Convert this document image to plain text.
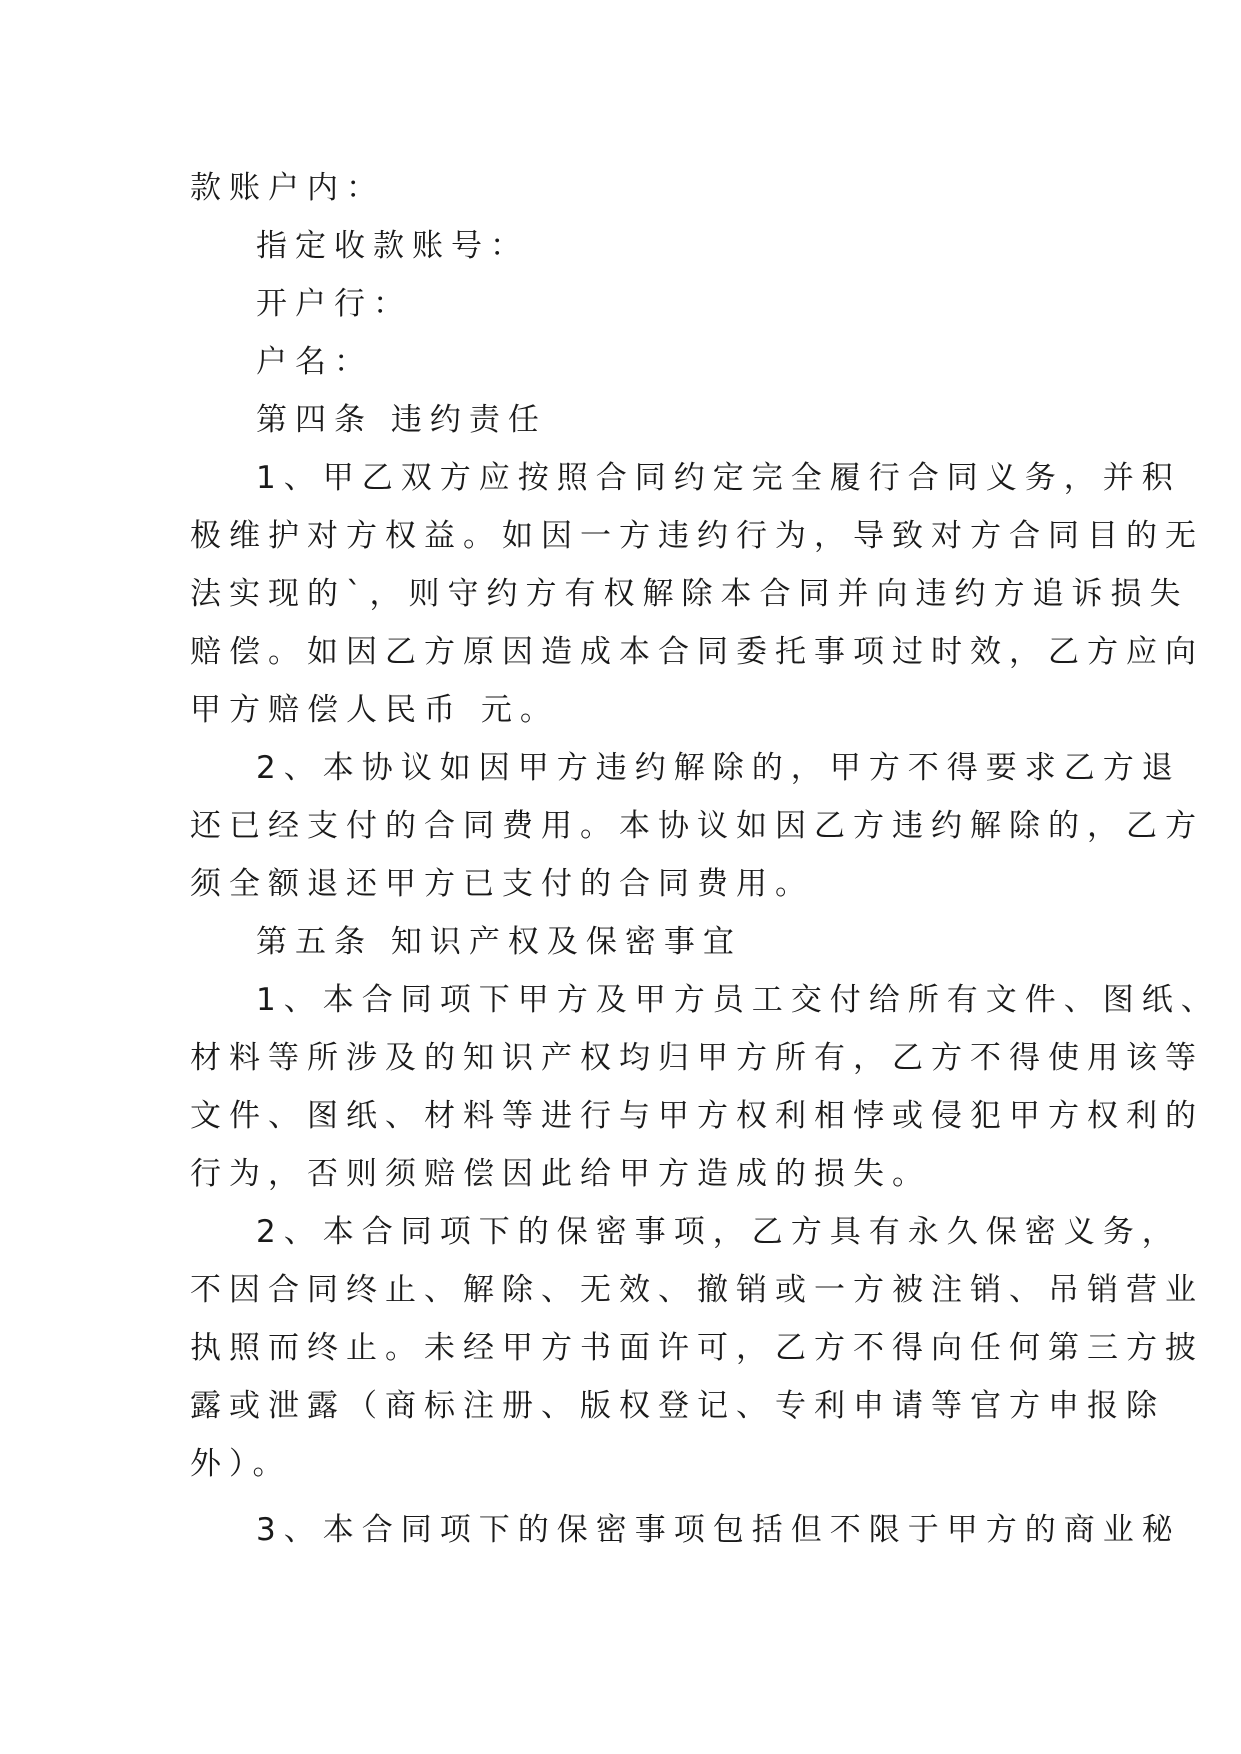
款账户内：
指定收款账号：
开户行：
户名：
第四条 违约责任
1、甲乙双方应按照合同约定完全履行合同义务，并积
极维护对方权益。如因一方违约行为，导致对方合同目的无
法实现的`，则守约方有权解除本合同并向违约方追诉损失
赔偿。如因乙方原因造成本合同委托事项过时效，乙方应向
甲方赔偿人民币 元。
2、本协议如因甲方违约解除的，甲方不得要求乙方退
还已经支付的合同费用。本协议如因乙方违约解除的，乙方
须全额退还甲方已支付的合同费用。
第五条 知识产权及保密事宜
1、本合同项下甲方及甲方员工交付给所有文件、图纸、
材料等所涉及的知识产权均归甲方所有，乙方不得使用该等
文件、图纸、材料等进行与甲方权利相悖或侵犯甲方权利的
行为，否则须赔偿因此给甲方造成的损失。
2、本合同项下的保密事项，乙方具有永久保密义务，
不因合同终止、解除、无效、撤销或一方被注销、吊销营业
执照而终止。未经甲方书面许可，乙方不得向任何第三方披
露或泄露（商标注册、版权登记、专利申请等官方申报除
外）。
3、本合同项下的保密事项包括但不限于甲方的商业秘
